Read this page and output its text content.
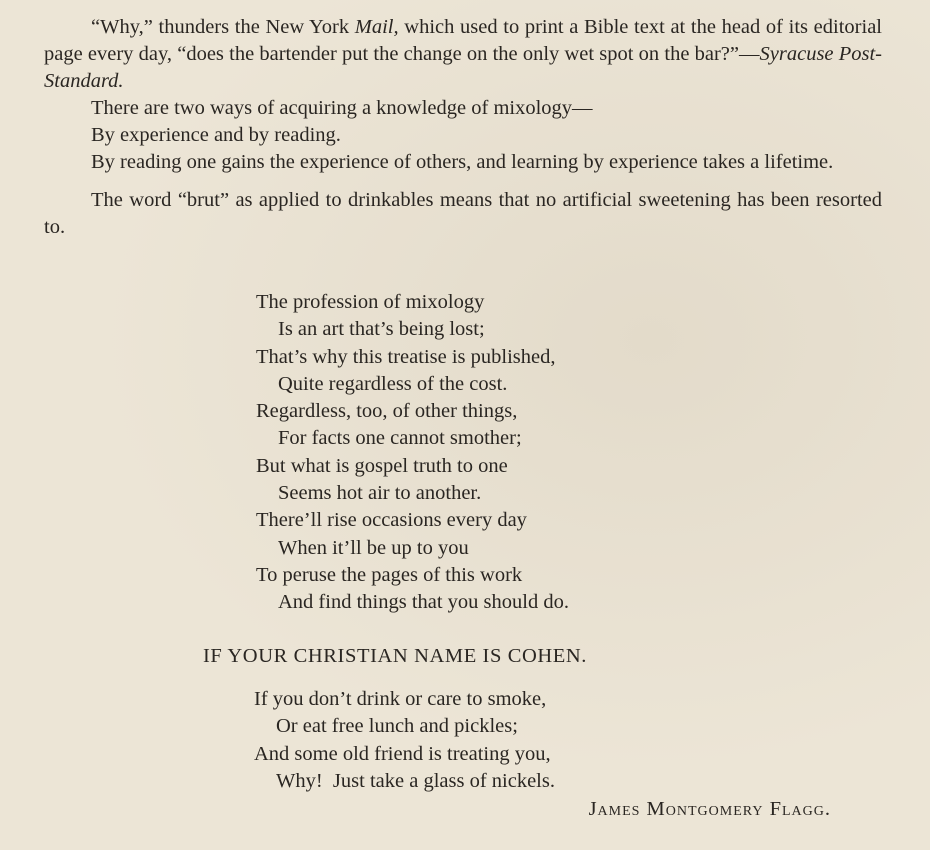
“Why,” thunders the New York Mail, which used to print a Bible text at the head of its editorial page every day, “does the bartender put the change on the only wet spot on the bar?”—Syracuse Post-Standard.

There are two ways of acquiring a knowledge of mixology—

By experience and by reading.

By reading one gains the experience of others, and learning by experience takes a lifetime.

The word “brut” as applied to drinkables means that no artificial sweetening has been resorted to.

The profession of mixology
Is an art that’s being lost;
That’s why this treatise is published,
Quite regardless of the cost.
Regardless, too, of other things,
For facts one cannot smother;
But what is gospel truth to one
Seems hot air to another.
There’ll rise occasions every day
When it’ll be up to you
To peruse the pages of this work
And find things that you should do.
IF YOUR CHRISTIAN NAME IS COHEN.
If you don’t drink or care to smoke,
Or eat free lunch and pickles;
And some old friend is treating you,
Why!  Just take a glass of nickels.
James Montgomery Flagg.
